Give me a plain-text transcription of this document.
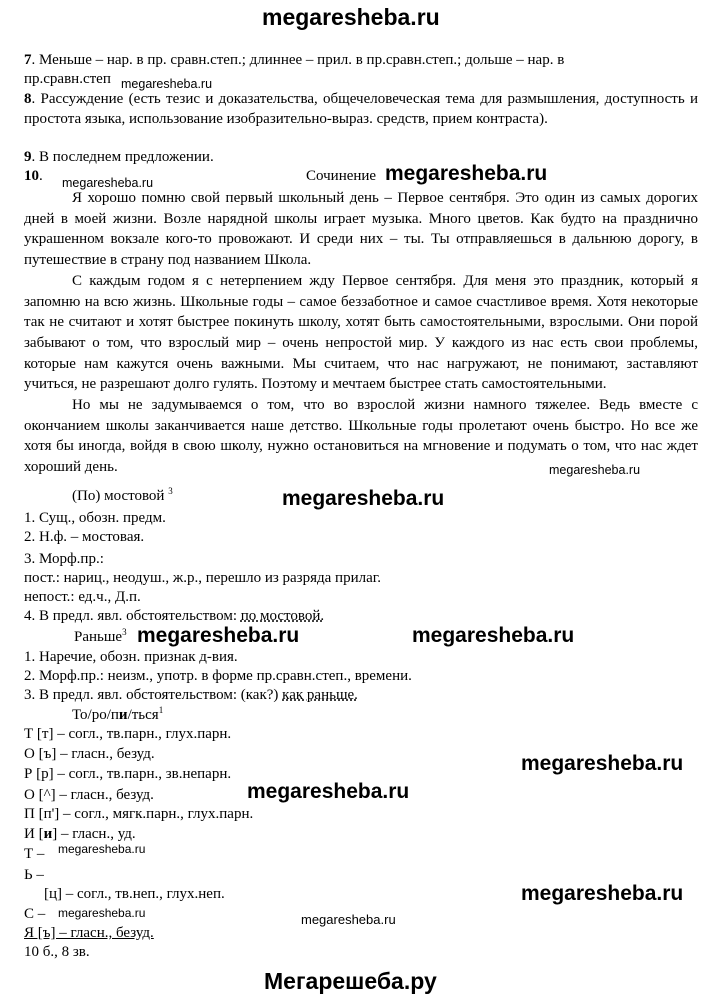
megaresheba.ru
7. Меньше – нар. в пр. сравн.степ.; длиннее – прил. в пр.сравн.степ.; дольше – нар. в
пр.сравн.степ megaresheba.ru
8. Рассуждение (есть тезис и доказательства, общечеловеческая тема для размышления, доступность и простота языка, использование изобразительно-выраз. средств, прием контраста).
9. В последнем предложении.
10.	Сочинение megaresheba.ru
megaresheba.ru

Я хорошо помню свой первый школьный день – Первое сентября. Это один из самых дорогих дней в моей жизни. Возле нарядной школы играет музыка. Много цветов. Как будто на празднично украшенном вокзале кого-то провожают. И среди них – ты. Ты отправляешься в дальнюю дорогу, в путешествие в страну под названием Школа.

С каждым годом я с нетерпением жду Первое сентября. Для меня это праздник, который я запомню на всю жизнь. Школьные годы – самое беззаботное и самое счастливое время. Хотя некоторые так не считают и хотят быстрее покинуть школу, хотят быть самостоятельными, взрослыми. Они порой забывают о том, что взрослый мир – очень непростой мир. У каждого из нас есть свои проблемы, которые нам кажутся очень важными. Мы считаем, что нас нагружают, не понимают, заставляют учиться, не разрешают долго гулять. Поэтому и мечтаем быстрее стать самостоятельными.

Но мы не задумываемся о том, что во взрослой жизни намного тяжелее. Ведь вместе с окончанием школы заканчивается наше детство. Школьные годы пролетают очень быстро. Но все же хотя бы иногда, войдя в свою школу, нужно остановиться на мгновение и подумать о том, что нас ждет хороший день.	megaresheba.ru
(По) мостовой $^3$	megaresheba.ru
1. Сущ., обозн. предм.
2. Н.ф. – мостовая.
3. Морф.пр.:
пост.: нариц., неодуш., ж.р., перешло из разряда прилаг.
непост.: ед.ч., Д.п.
4. В предл. явл. обстоятельством: по мостовой.
Раньше$^3$ megaresheba.ru	megaresheba.ru
1. Наречие, обозн. признак д-вия.
2. Морф.пр.: неизм., употр. в форме пр.сравн.степ., времени.
3. В предл. явл. обстоятельством: (как?) как раньше.
То/ро/пи/ться$^1$
Т [т] – согл., тв.парн., глух.парн.
О [ъ] – гласн., безуд.
Р [р] – согл., тв.парн., зв.непарн.	megaresheba.ru
О [^] – гласн., безуд.	megaresheba.ru
П [п'] – согл., мягк.парн., глух.парн.
И [и] – гласн., уд.
Т – megaresheba.ru
Ь –
[ц] – согл., тв.неп., глух.неп.	megaresheba.ru
С – megaresheba.ru	megaresheba.ru
Я [ъ] – гласн., безуд.
10 б., 8 зв.
Мегарешеба.ру
